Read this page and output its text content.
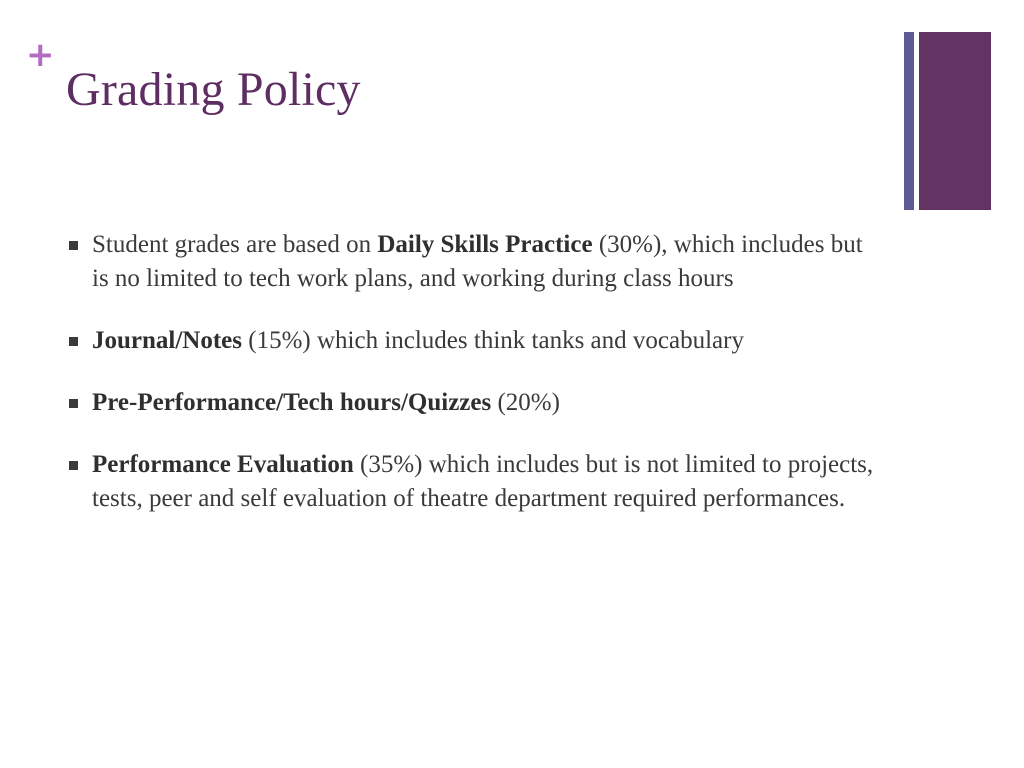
+
Grading Policy
Student grades are based on Daily Skills Practice (30%), which includes but is no limited to tech work plans, and working during class hours
Journal/Notes (15%) which includes think tanks and vocabulary
Pre-Performance/Tech hours/Quizzes (20%)
Performance Evaluation (35%) which includes but is not limited to projects, tests, peer and self evaluation of theatre department required performances.
